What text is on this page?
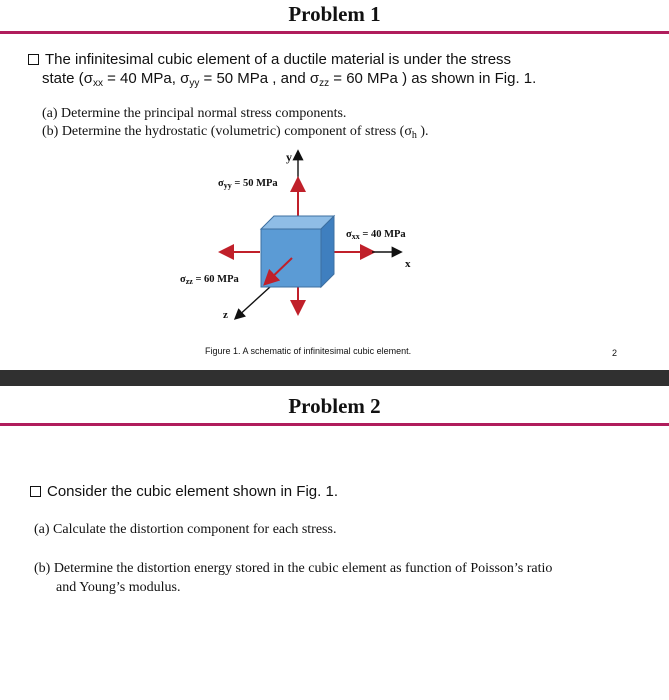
Problem 1
The infinitesimal cubic element of a ductile material is under the stress
state ($\sigma_{xx} = 40$ MPa, $\sigma_{yy} = 50$ MPa , and $\sigma_{zz} = 60$ MPa ) as shown in Fig. 1.
(a) Determine the principal normal stress components.
(b) Determine the hydrostatic (volumetric) component of stress ($\sigma_h$ ).
y
x
z
σyy = 50 MPa
σxx = 40 MPa
σzz = 60 MPa
Figure 1. A schematic of infinitesimal cubic element.	2
Problem 2
Consider the cubic element shown in Fig. 1.
(a) Calculate the distortion component for each stress.
(b) Determine the distortion energy stored in the cubic element as function of Poisson’s ratio
and Young’s modulus.
